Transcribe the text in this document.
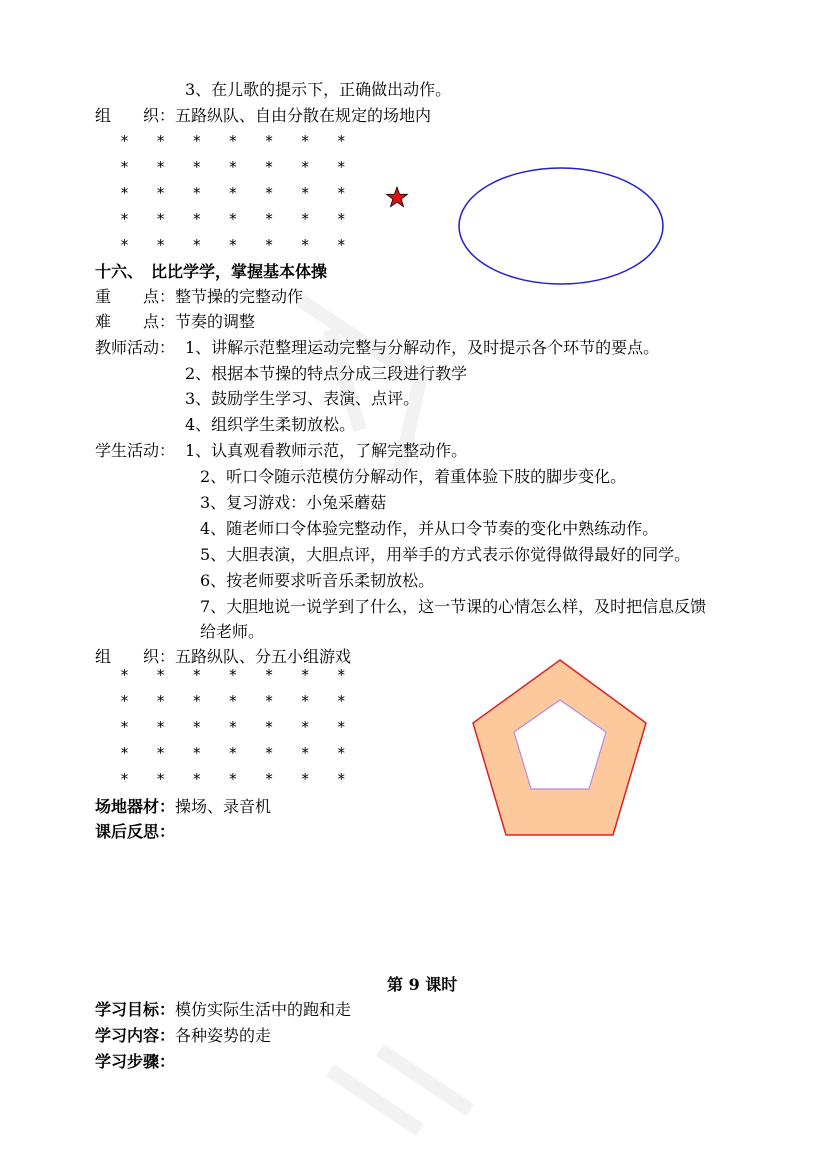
3、在儿歌的提示下，正确做出动作。
组　　织：五路纵队、自由分散在规定的场地内
*   *   *   *   *   *   *
*   *   *   *   *   *   *
*   *   *   *   *   *   *
*   *   *   *   *   *   *
*   *   *   *   *   *   *
十六、　比比学学，掌握基本体操
重　　点：整节操的完整动作
难　　点：节奏的调整
教师活动： 1、讲解示范整理运动完整与分解动作，及时提示各个环节的要点。
2、根据本节操的特点分成三段进行教学
3、鼓励学生学习、表演、点评。
4、组织学生柔韧放松。
学生活动： 1、认真观看教师示范，了解完整动作。
2、听口令随示范模仿分解动作，着重体验下肢的脚步变化。
3、复习游戏：小兔采蘑菇
4、随老师口令体验完整动作，并从口令节奏的变化中熟练动作。
5、大胆表演，大胆点评，用举手的方式表示你觉得做得最好的同学。
6、按老师要求听音乐柔韧放松。
7、大胆地说一说学到了什么，这一节课的心情怎么样，及时把信息反馈
给老师。
组　　织：五路纵队、分五小组游戏
*   *   *   *   *   *   *
*   *   *   *   *   *   *
*   *   *   *   *   *   *
*   *   *   *   *   *   *
*   *   *   *   *   *   *
场地器材：操场、录音机
课后反思：
第 9 课时
学习目标：模仿实际生活中的跑和走
学习内容：各种姿势的走
学习步骤：
